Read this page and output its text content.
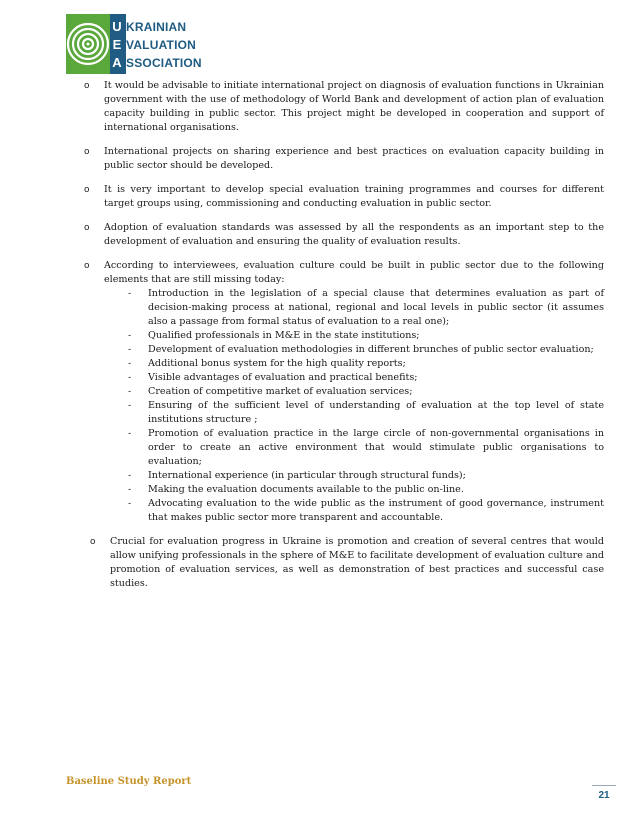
U
E
A
KRAINIAN
VALUATION
SSOCIATION
o It would be advisable to initiate international project on diagnosis of evaluation functions in Ukrainian government with the use of methodology of World Bank and development of action plan of evaluation capacity building in public sector. This project might be developed in cooperation and support of international organisations.
o International projects on sharing experience and best practices on evaluation capacity building in public sector should be developed.
o It is very important to develop special evaluation training programmes and courses for different target groups using, commissioning and conducting evaluation in public sector.
o Adoption of evaluation standards was assessed by all the respondents as an important step to the development of evaluation and ensuring the quality of evaluation results.
o According to interviewees, evaluation culture could be built in public sector due to the following elements that are still missing today:
- Introduction in the legislation of a special clause that determines evaluation as part of decision-making process at national, regional and local levels in public sector (it assumes also a passage from formal status of evaluation to a real one);
- Qualified professionals in M&E in the state institutions;
- Development of evaluation methodologies in different brunches of public sector evaluation;
- Additional bonus system for the high quality reports;
- Visible advantages of evaluation and practical benefits;
- Creation of competitive market of evaluation services;
- Ensuring of the sufficient level of understanding of evaluation at the top level of state institutions structure ;
- Promotion of evaluation practice in the large circle of non-governmental organisations in order to create an active environment that would stimulate public organisations to evaluation;
- International experience (in particular through structural funds);
- Making the evaluation documents available to the public on-line.
- Advocating evaluation to the wide public as the instrument of good governance, instrument that makes public sector more transparent and accountable.
o Crucial for evaluation progress in Ukraine is promotion and creation of several centres that would allow unifying professionals in the sphere of M&E to facilitate development of evaluation culture and promotion of evaluation services, as well as demonstration of best practices and successful case studies.
Baseline Study Report
21
